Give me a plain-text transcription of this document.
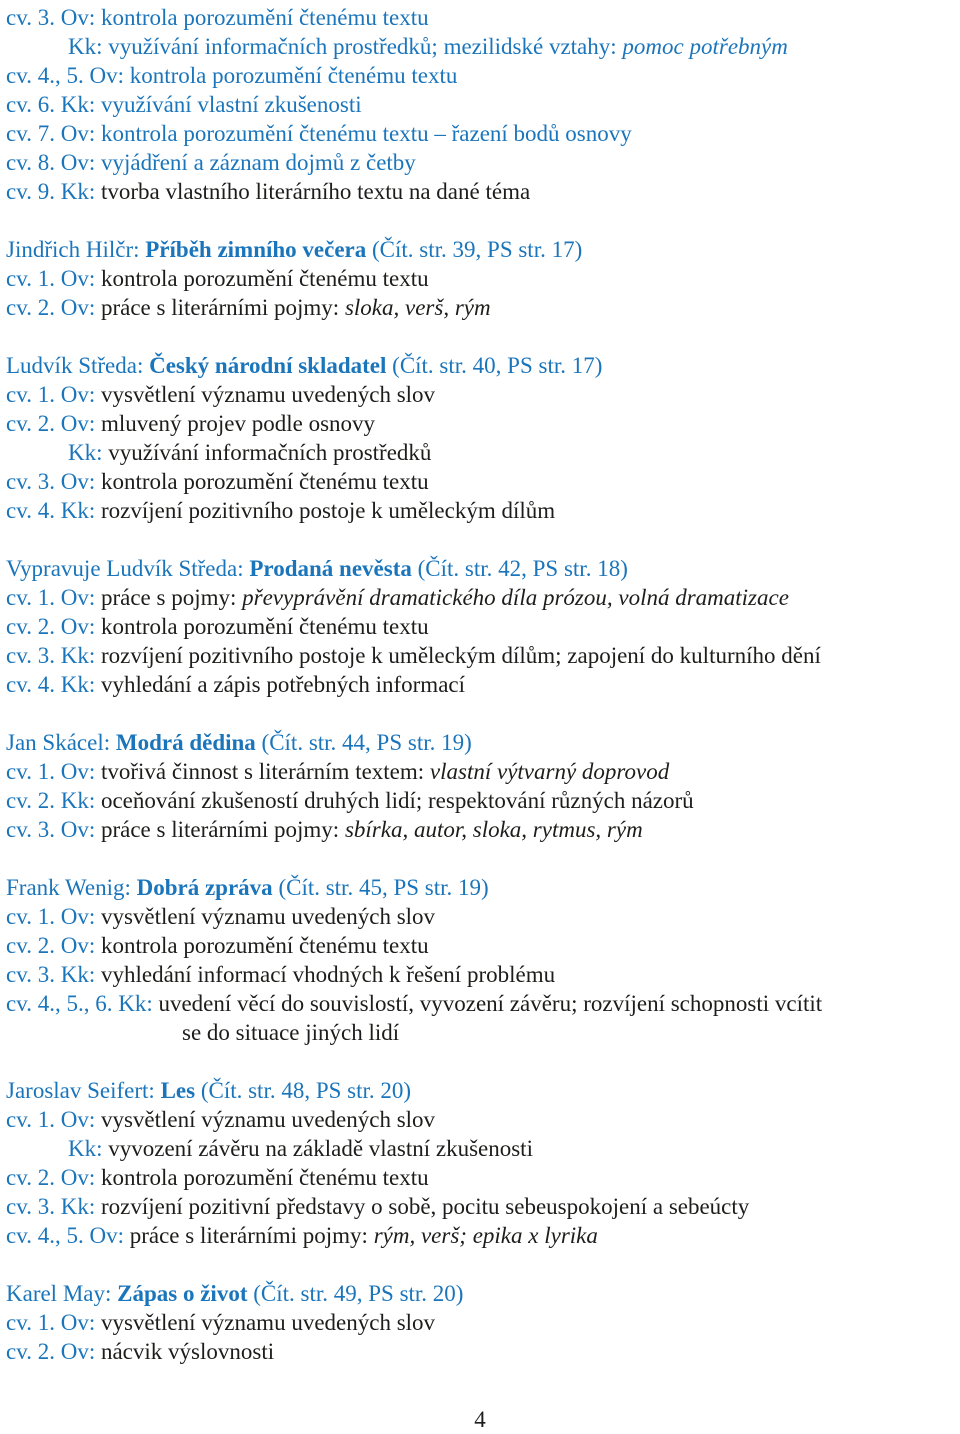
cv. 3. Ov: kontrola porozumění čtenému textu
Kk: využívání informačních prostředků; mezilidské vztahy: pomoc potřebným
cv. 4., 5. Ov: kontrola porozumění čtenému textu
cv. 6. Kk: využívání vlastní zkušenosti
cv. 7. Ov: kontrola porozumění čtenému textu – řazení bodů osnovy
cv. 8. Ov: vyjádření a záznam dojmů z četby
cv. 9. Kk: tvorba vlastního literárního textu na dané téma
Jindřich Hilčr: Příběh zimního večera (Čít. str. 39, PS str. 17)
cv. 1. Ov: kontrola porozumění čtenému textu
cv. 2. Ov: práce s literárními pojmy: sloka, verš, rým
Ludvík Středa: Český národní skladatel (Čít. str. 40, PS str. 17)
cv. 1. Ov: vysvětlení významu uvedených slov
cv. 2. Ov: mluvený projev podle osnovy
Kk: využívání informačních prostředků
cv. 3. Ov: kontrola porozumění čtenému textu
cv. 4. Kk: rozvíjení pozitivního postoje k uměleckým dílům
Vypravuje Ludvík Středa: Prodaná nevěsta (Čít. str. 42, PS str. 18)
cv. 1. Ov: práce s pojmy: převyprávění dramatického díla prózou, volná dramatizace
cv. 2. Ov: kontrola porozumění čtenému textu
cv. 3. Kk: rozvíjení pozitivního postoje k uměleckým dílům; zapojení do kulturního dění
cv. 4. Kk: vyhledání a zápis potřebných informací
Jan Skácel: Modrá dědina (Čít. str. 44, PS str. 19)
cv. 1. Ov: tvořivá činnost s literárním textem: vlastní výtvarný doprovod
cv. 2. Kk: oceňování zkušeností druhých lidí; respektování různých názorů
cv. 3. Ov: práce s literárními pojmy: sbírka, autor, sloka, rytmus, rým
Frank Wenig: Dobrá zpráva (Čít. str. 45, PS str. 19)
cv. 1. Ov: vysvětlení významu uvedených slov
cv. 2. Ov: kontrola porozumění čtenému textu
cv. 3. Kk: vyhledání informací vhodných k řešení problému
cv. 4., 5., 6. Kk: uvedení věcí do souvislostí, vyvození závěru; rozvíjení schopnosti vcítit
se do situace jiných lidí
Jaroslav Seifert: Les (Čít. str. 48, PS str. 20)
cv. 1. Ov: vysvětlení významu uvedených slov
Kk: vyvození závěru na základě vlastní zkušenosti
cv. 2. Ov: kontrola porozumění čtenému textu
cv. 3. Kk: rozvíjení pozitivní představy o sobě, pocitu sebeuspokojení a sebeúcty
cv. 4., 5. Ov: práce s literárními pojmy: rým, verš; epika x lyrika
Karel May: Zápas o život (Čít. str. 49, PS str. 20)
cv. 1. Ov: vysvětlení významu uvedených slov
cv. 2. Ov: nácvik výslovnosti
4
